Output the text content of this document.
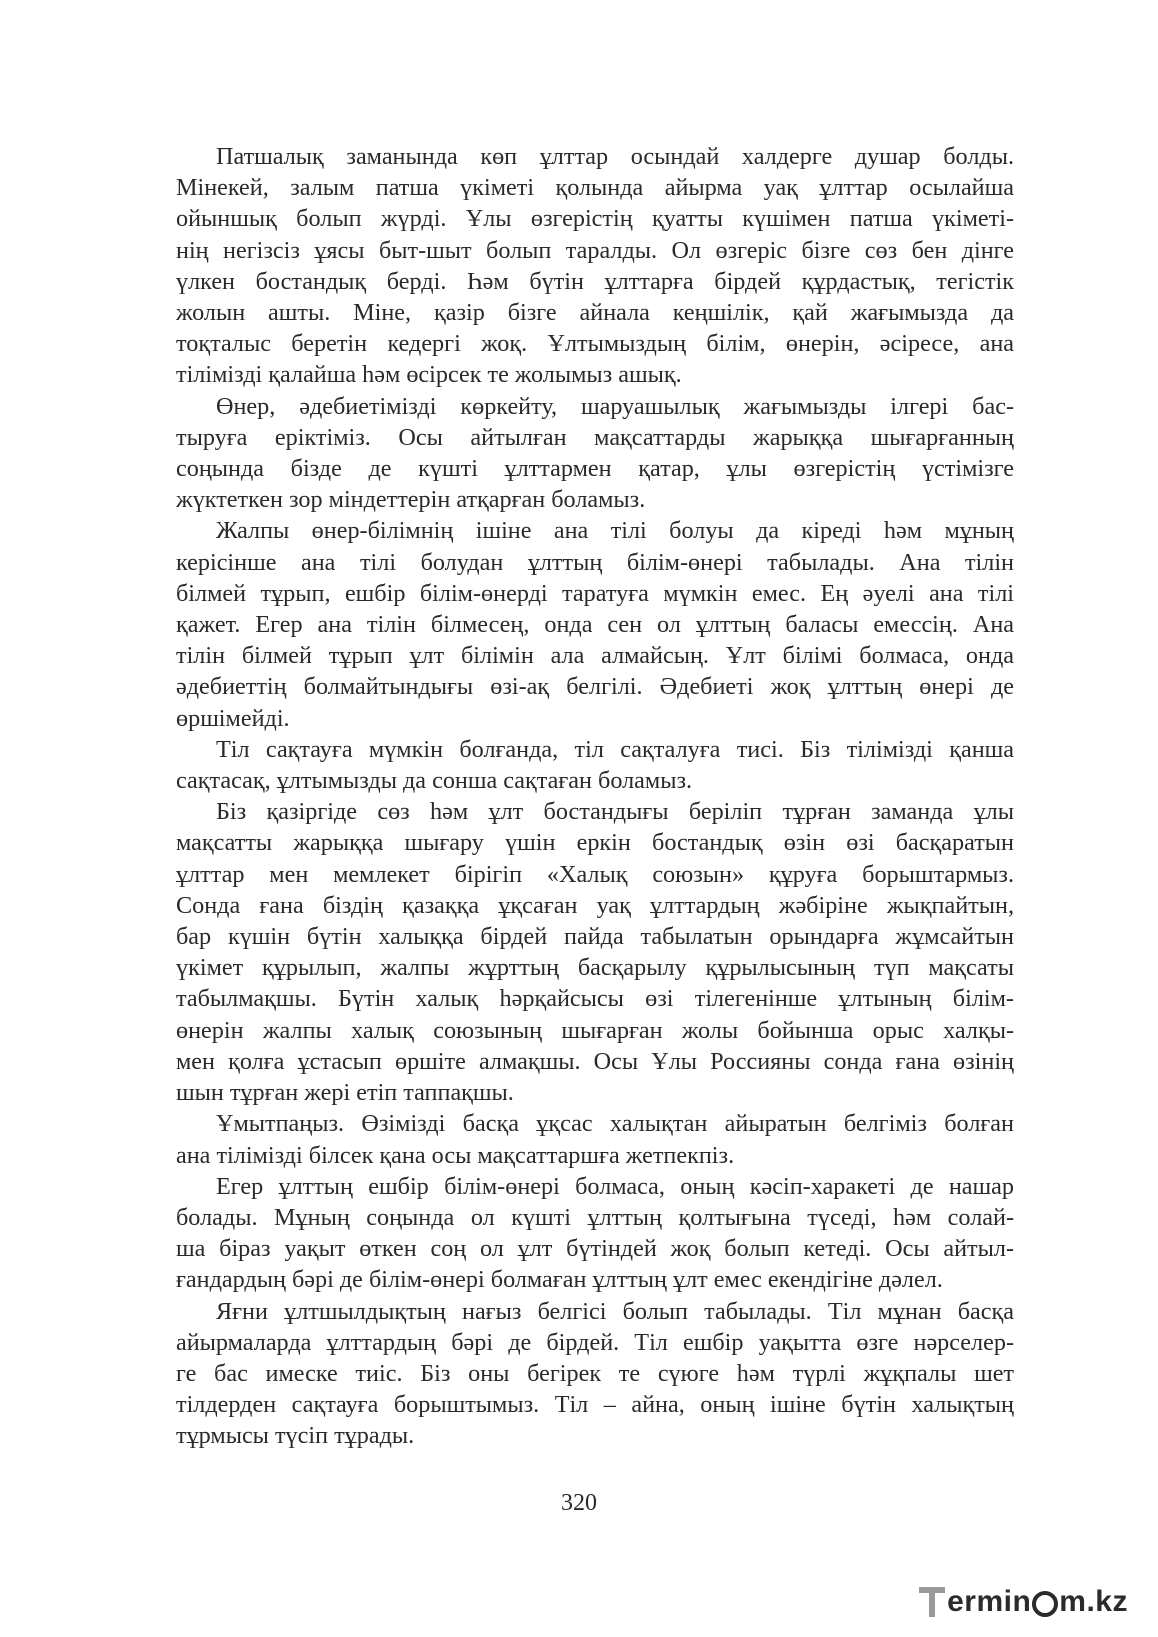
Патшалық заманында көп ұлттар осындай халдерге душар болды.
Мінекей, залым патша үкіметі қолында айырма уақ ұлттар осылайша
ойыншық болып жүрді. Ұлы өзгерістің қуатты күшімен патша үкіметі-
нің негізсіз ұясы быт-шыт болып таралды. Ол өзгеріс бізге сөз бен дінге
үлкен бостандық берді. Һәм бүтін ұлттарға бірдей құрдастық, тегістік
жолын ашты. Міне, қазір бізге айнала кеңшілік, қай жағымызда да
тоқталыс беретін кедергі жоқ. Ұлтымыздың білім, өнерін, әсіресе, ана
тілімізді қалайша һәм өсірсек те жолымыз ашық.
Өнер, әдебиетімізді көркейту, шаруашылық жағымызды ілгері бас-
тыруға еріктіміз. Осы айтылған мақсаттарды жарыққа шығарғанның
соңында бізде де күшті ұлттармен қатар, ұлы өзгерістің үстімізге
жүктеткен зор міндеттерін атқарған боламыз.
Жалпы өнер-білімнің ішіне ана тілі болуы да кіреді һәм мұның
керісінше ана тілі болудан ұлттың білім-өнері табылады. Ана тілін
білмей тұрып, ешбір білім-өнерді таратуға мүмкін емес. Ең әуелі ана тілі
қажет. Егер ана тілін білмесең, онда сен ол ұлттың баласы емессің. Ана
тілін білмей тұрып ұлт білімін ала алмайсың. Ұлт білімі болмаса, онда
әдебиеттің болмайтындығы өзі-ақ белгілі. Әдебиеті жоқ ұлттың өнері де
өршімейді.
Тіл сақтауға мүмкін болғанда, тіл сақталуға тисі. Біз тілімізді қанша
сақтасақ, ұлтымызды да сонша сақтаған боламыз.
Біз қазіргіде сөз һәм ұлт бостандығы беріліп тұрған заманда ұлы
мақсатты жарыққа шығару үшін еркін бостандық өзін өзі басқаратын
ұлттар мен мемлекет бірігіп «Халық союзын» құруға борыштармыз.
Сонда ғана біздің қазаққа ұқсаған уақ ұлттардың жәбіріне жықпайтын,
бар күшін бүтін халыққа бірдей пайда табылатын орындарға жұмсайтын
үкімет құрылып, жалпы жұрттың басқарылу құрылысының түп мақсаты
табылмақшы. Бүтін халық һәрқайсысы өзі тілегенінше ұлтының білім-
өнерін жалпы халық союзының шығарған жолы бойынша орыс халқы-
мен қолға ұстасып өршіте алмақшы. Осы Ұлы Россияны сонда ғана өзінің
шын тұрған жері етіп таппақшы.
Ұмытпаңыз. Өзімізді басқа ұқсас халықтан айыратын белгіміз болған
ана тілімізді білсек қана осы мақсаттаршға жетпекпіз.
Егер ұлттың ешбір білім-өнері болмаса, оның кәсіп-харакеті де нашар
болады. Мұның соңында ол күшті ұлттың қолтығына түседі, һәм солай-
ша біраз уақыт өткен соң ол ұлт бүтіндей жоқ болып кетеді. Осы айтыл-
ғандардың бәрі де білім-өнері болмаған ұлттың ұлт емес екендігіне дәлел.
Яғни ұлтшылдықтың нағыз белгісі болып табылады. Тіл мұнан басқа
айырмаларда ұлттардың бәрі де бірдей. Тіл ешбір уақытта өзге нәрселер-
ге бас имеске тиіс. Біз оны бегірек те сүюге һәм түрлі жұқпалы шет
тілдерден сақтауға борыштымыз. Тіл – айна, оның ішіне бүтін халықтың
тұрмысы түсіп тұрады.
320
ermin m.kz
